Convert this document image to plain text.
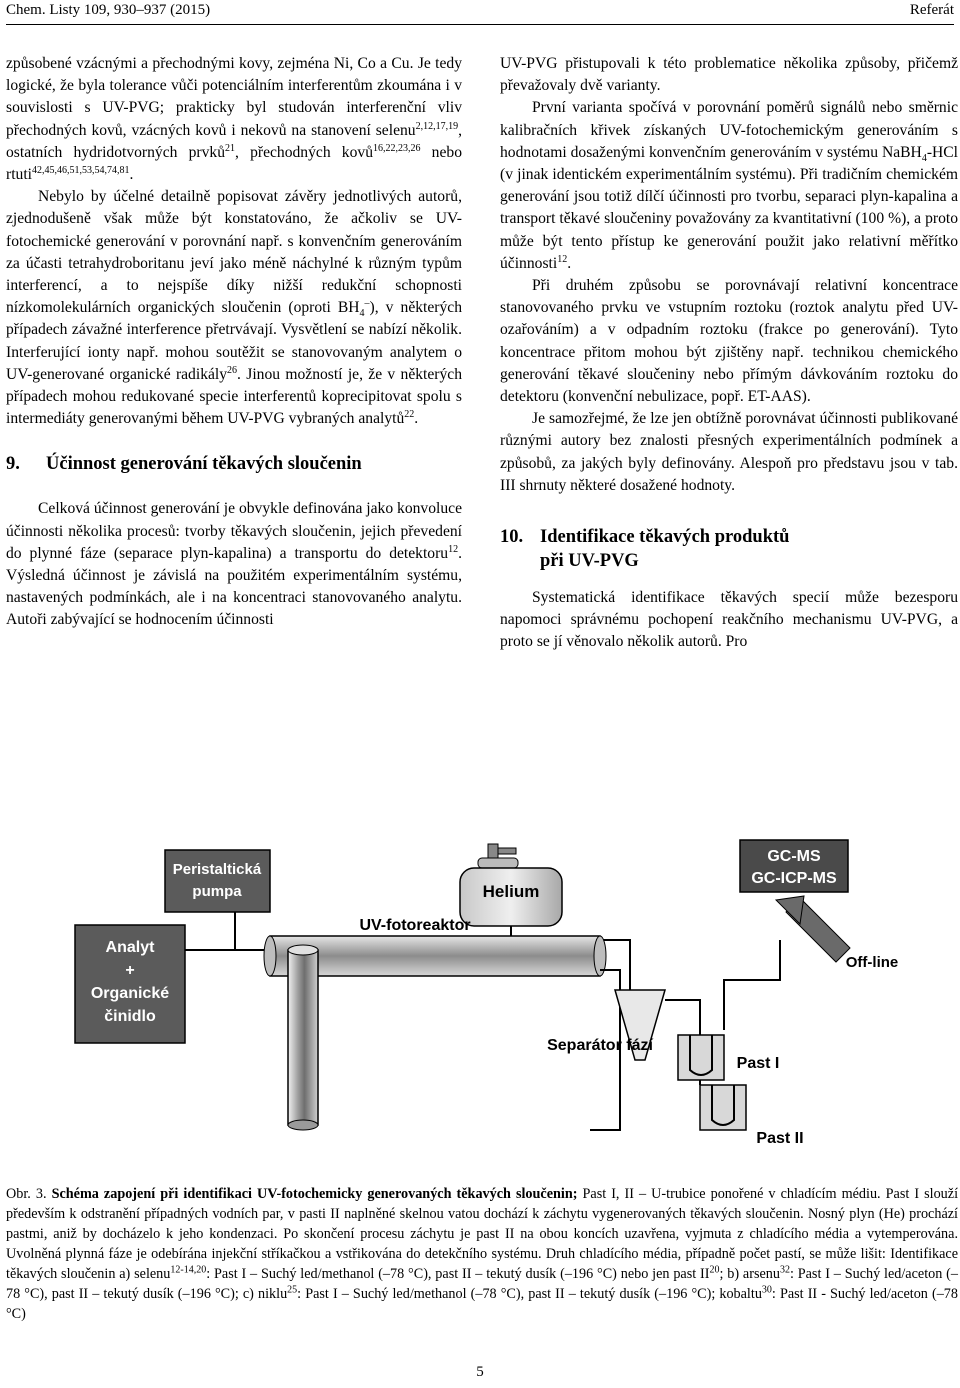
Chem. Listy 109, 930–937 (2015)	Referát

způsobené vzácnými a přechodnými kovy, zejména Ni, Co a Cu. Je tedy logické, že byla tolerance vůči potenciálním interferentům zkoumána i v souvislosti s UV-PVG; prakticky byl studován interferenční vliv přechodných kovů, vzácných kovů i nekovů na stanovení selenu$^{2,12,17,19}$, ostatních hydridotvorných prvků$^{21}$, přechodných kovů$^{16,22,23,26}$ nebo rtuti$^{42,45,46,51,53,54,74,81}$.

Nebylo by účelné detailně popisovat závěry jednotlivých autorů, zjednodušeně však může být konstatováno, že ačkoliv se UV-fotochemické generování v porovnání např. s konvenčním generováním za účasti tetrahydroboritanu jeví jako méně náchylné k různým typům interferencí, a to nejspíše díky nižší redukční schopnosti nízkomolekulárních organických sloučenin (oproti $BH_4^-$), v některých případech závažné interference přetrvávají. Vysvětlení se nabízí několik. Interferující ionty např. mohou soutěžit se stanovovaným analytem o UV-generované organické radikály$^{26}$. Jinou možností je, že v některých případech mohou redukované specie interferentů koprecipitovat spolu s intermediáty generovanými během UV-PVG vybraných analytů$^{22}$.

9. Účinnost generování těkavých sloučenin

Celková účinnost generování je obvykle definována jako konvoluce účinnosti několika procesů: tvorby těkavých sloučenin, jejich převedení do plynné fáze (separace plyn-kapalina) a transportu do detektoru$^{12}$. Výsledná účinnost je závislá na použitém experimentálním systému, nastavených podmínkách, ale i na koncentraci stanovovaného analytu. Autoři zabývající se hodnocením účinnosti

UV-PVG přistupovali k této problematice několika způsoby, přičemž převažovaly dvě varianty.

První varianta spočívá v porovnání poměrů signálů nebo směrnic kalibračních křivek získaných UV-fotochemickým generováním s hodnotami dosaženými konvenčním generováním v systému NaBH$_4$-HCl (v jinak identickém experimentálním systému). Při tradičním chemickém generování jsou totiž dílčí účinnosti pro tvorbu, separaci plyn-kapalina a transport těkavé sloučeniny považovány za kvantitativní (100 %), a proto může být tento přístup ke generování použit jako relativní měřítko účinnosti$^{12}$.

Při druhém způsobu se porovnávají relativní koncentrace stanovovaného prvku ve vstupním roztoku (roztok analytu před UV-ozařováním) a v odpadním roztoku (frakce po generování). Tyto koncentrace přitom mohou být zjištěny např. technikou chemického generování těkavé sloučeniny nebo přímým dávkováním roztoku do detektoru (konvenční nebulizace, popř. ET-AAS).

Je samozřejmé, že lze jen obtížně porovnávat účinnosti publikované různými autory bez znalosti přesných experimentálních podmínek a způsobů, za jakých byly definovány. Alespoň pro představu jsou v tab. III shrnuty některé dosažené hodnoty.

10. Identifikace těkavých produktů
při UV-PVG

Systematická identifikace těkavých specií může bezesporu napomoci správnému pochopení reakčního mechanismu UV-PVG, a proto se jí věnovalo několik autorů. Pro

Analyt
+
Organické
činidlo
Peristaltická
pumpa	Helium
GC-MS
GC-ICP-MS
Off-line
UV-fotoreaktor
Separátor fází
Past I
Past II

Obr. 3. Schéma zapojení při identifikaci UV-fotochemicky generovaných těkavých sloučenin; Past I, II – U-trubice ponořené v chladícím médiu. Past I slouží především k odstranění případných vodních par, v pasti II naplněné skelnou vatou dochází k záchytu vygenerovaných těkavých sloučenin. Nosný plyn (He) prochází pastmi, aniž by docházelo k jeho kondenzaci. Po skončení procesu záchytu je past II na obou koncích uzavřena, vyjmuta z chladícího média a vytemperována. Uvolněná plynná fáze je odebírána injekční stříkačkou a vstřikována do detekčního systému. Druh chladícího média, případně počet pastí, se může lišit: Identifikace těkavých sloučenin a) selenu$^{12-14,20}$: Past I – Suchý led/methanol (–78 °C), past II – tekutý dusík (–196 °C) nebo jen past II$^{20}$; b) arsenu$^{32}$: Past I – Suchý led/aceton (–78 °C), past II – tekutý dusík (–196 °C); c) niklu$^{25}$: Past I – Suchý led/methanol (–78 °C), past II – tekutý dusík (–196 °C); kobaltu$^{30}$: Past II - Suchý led/aceton (–78 °C)

5
